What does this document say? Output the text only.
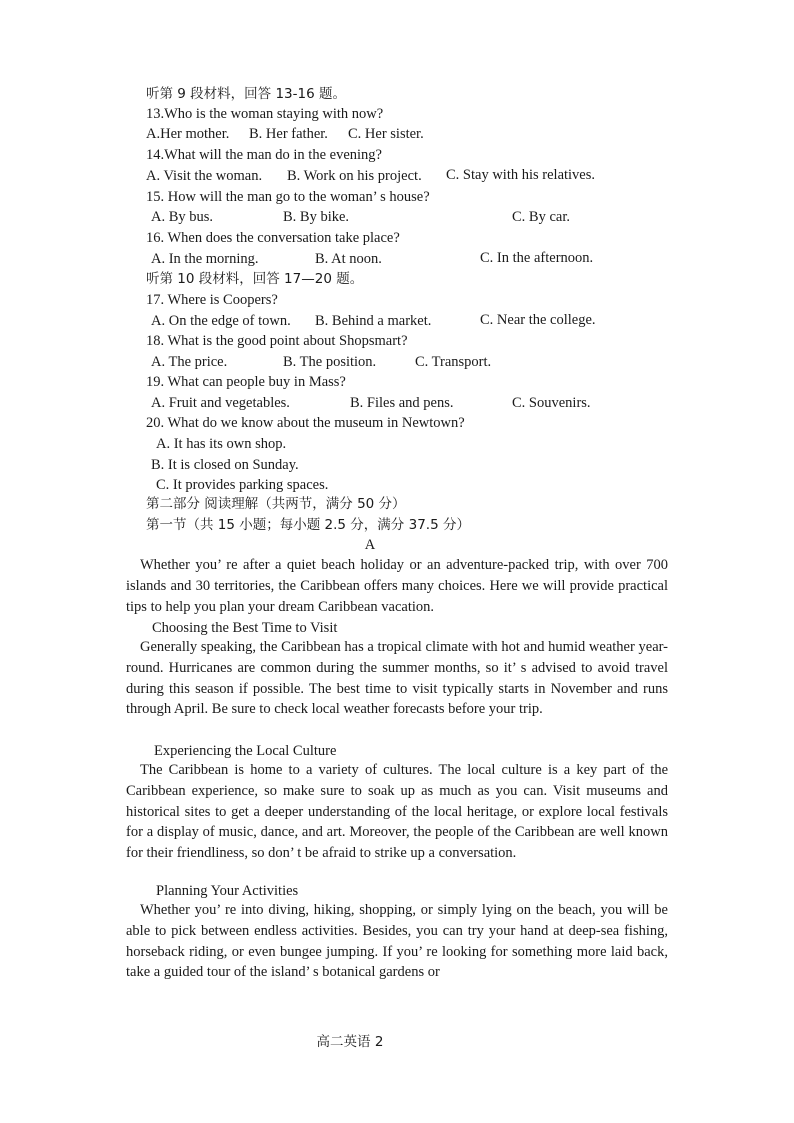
听第 9 段材料，回答 13-16 题。
13.Who is the woman staying with now?
A.Her mother. B. Her father. C. Her sister.
14.What will the man do in the evening?
A. Visit the woman. B. Work on his project. C. Stay with his relatives.
15. How will the man go to the woman’ s house?
A. By bus.	B. By bike.	C. By car.
16. When does the conversation take place?
A. In the morning.	B. At noon.	C. In the afternoon.
听第 10 段材料，回答 17—20 题。
17. Where is Coopers?
A. On the edge of town. B. Behind a market.	C. Near the college.
18. What is the good point about Shopsmart?
A. The price.	B. The position.	C. Transport.
19. What can people buy in Mass?
A. Fruit and vegetables.	B. Files and pens.	C. Souvenirs.
20. What do we know about the museum in Newtown?
A. It has its own shop.
B. It is closed on Sunday.
C. It provides parking spaces.
第二部分 阅读理解（共两节，满分 50 分）
第一节（共 15 小题；每小题 2.5 分，满分 37.5 分）
A
Whether you’ re after a quiet beach holiday or an adventure-packed trip, with over 700 islands and 30 territories, the Caribbean offers many choices. Here we will provide practical tips to help you plan your dream Caribbean vacation.
Choosing the Best Time to Visit
Generally speaking, the Caribbean has a tropical climate with hot and humid weather year-round. Hurricanes are common during the summer months, so it’ s advised to avoid travel during this season if possible. The best time to visit typically starts in November and runs through April. Be sure to check local weather forecasts before your trip.
Experiencing the Local Culture
The Caribbean is home to a variety of cultures. The local culture is a key part of the Caribbean experience, so make sure to soak up as much as you can. Visit museums and historical sites to get a deeper understanding of the local heritage, or explore local festivals for a display of music, dance, and art. Moreover, the people of the Caribbean are well known for their friendliness, so don’ t be afraid to strike up a conversation.
Planning Your Activities
Whether you’ re into diving, hiking, shopping, or simply lying on the beach, you will be able to pick between endless activities. Besides, you can try your hand at deep-sea fishing, horseback riding, or even bungee jumping. If you’ re looking for something more laid back, take a guided tour of the island’ s botanical gardens or
高二英语 2
